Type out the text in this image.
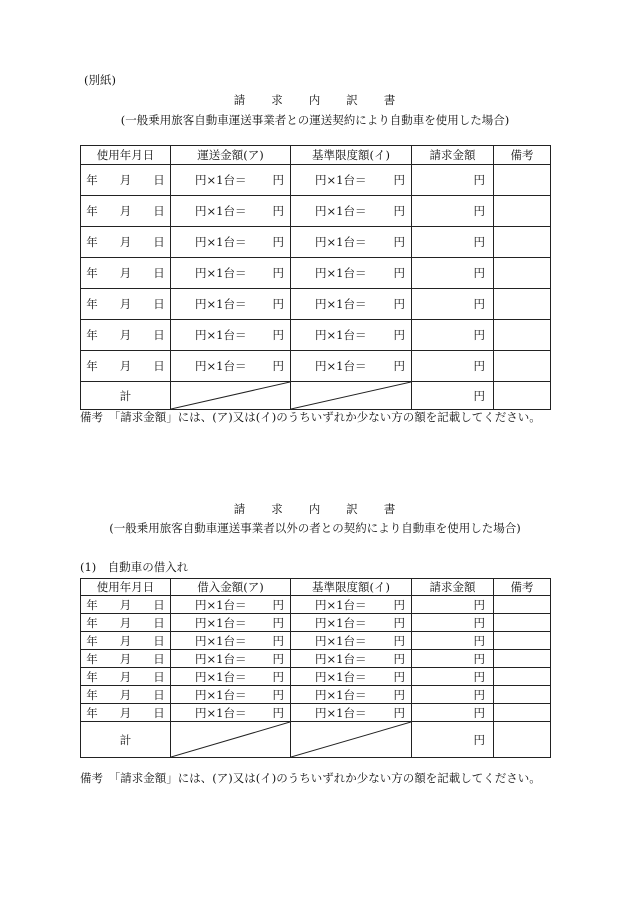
(別紙)
請　　求　　内　　訳　　書
(一般乗用旅客自動車運送事業者との運送契約により自動車を使用した場合)
使用年月日	運送金額(ア)	基準限度額(イ)	請求金額	備考

年 月 日	円×1台＝ 円	円×1台＝ 円	円	

年 月 日	円×1台＝ 円	円×1台＝ 円	円	

年 月 日	円×1台＝ 円	円×1台＝ 円	円	

年 月 日	円×1台＝ 円	円×1台＝ 円	円	

年 月 日	円×1台＝ 円	円×1台＝ 円	円	

年 月 日	円×1台＝ 円	円×1台＝ 円	円	

年 月 日	円×1台＝ 円	円×1台＝ 円	円	
計			円	
備考　「請求金額」には、(ア)又は(イ)のうちいずれか少ない方の額を記載してください。
請　　求　　内　　訳　　書
(一般乗用旅客自動車運送事業者以外の者との契約により自動車を使用した場合)
(1)　自動車の借入れ
使用年月日	借入金額(ア)	基準限度額(イ)	請求金額	備考

年 月 日	円×1台＝ 円	円×1台＝ 円	円	

年 月 日	円×1台＝ 円	円×1台＝ 円	円	

年 月 日	円×1台＝ 円	円×1台＝ 円	円	

年 月 日	円×1台＝ 円	円×1台＝ 円	円	

年 月 日	円×1台＝ 円	円×1台＝ 円	円	

年 月 日	円×1台＝ 円	円×1台＝ 円	円	

年 月 日	円×1台＝ 円	円×1台＝ 円	円	
計			円	
備考　「請求金額」には、(ア)又は(イ)のうちいずれか少ない方の額を記載してください。
